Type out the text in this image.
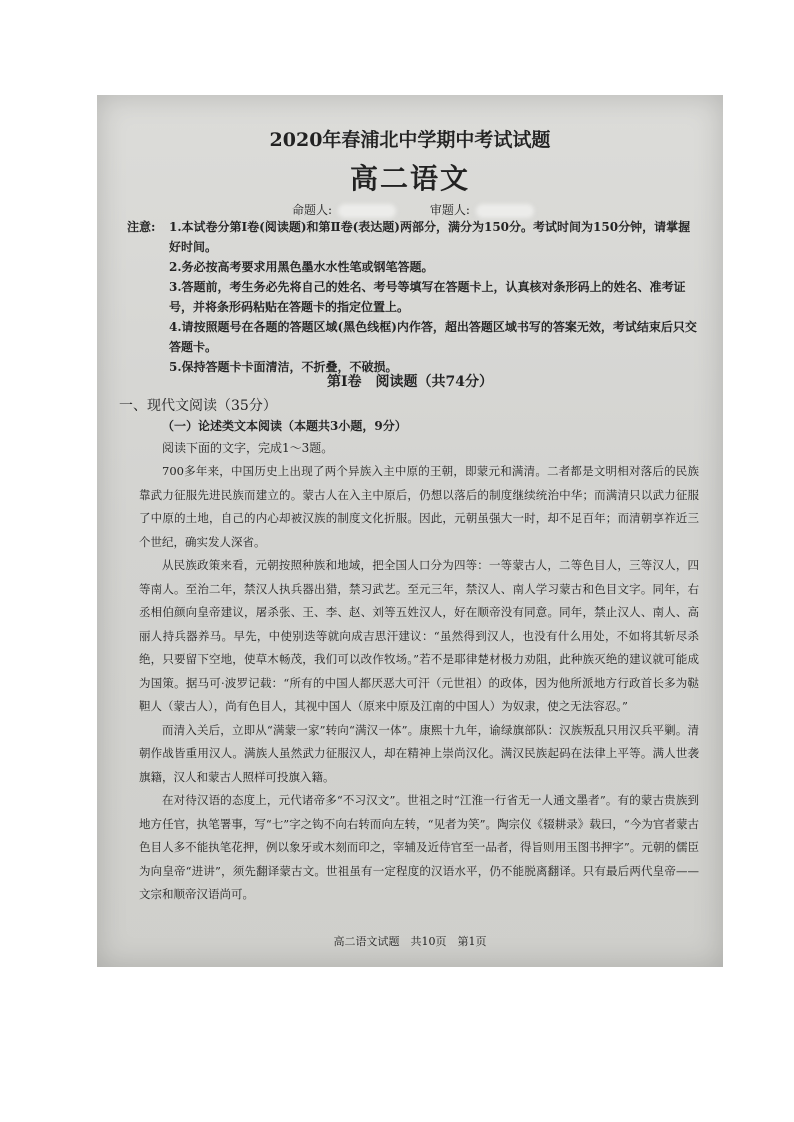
2020年春浦北中学期中考试试题
高二语文
命题人:	审题人:
注意:	1.本试卷分第Ⅰ卷(阅读题)和第Ⅱ卷(表达题)两部分，满分为150分。考试时间为150分钟，请掌握好时间。

2.务必按高考要求用黑色墨水水性笔或钢笔答题。

3.答题前，考生务必先将自己的姓名、考号等填写在答题卡上，认真核对条形码上的姓名、准考证号，并将条形码粘贴在答题卡的指定位置上。

4.请按照题号在各题的答题区域(黑色线框)内作答，超出答题区域书写的答案无效，考试结束后只交答题卡。

5.保持答题卡卡面清洁，不折叠，不破损。

第Ⅰ卷　阅读题（共74分）
一、现代文阅读（35分）
（一）论述类文本阅读（本题共3小题，9分）
阅读下面的文字，完成1～3题。

700多年来，中国历史上出现了两个异族入主中原的王朝，即蒙元和满清。二者都是文明相对落后的民族靠武力征服先进民族而建立的。蒙古人在入主中原后，仍想以落后的制度继续统治中华；而满清只以武力征服了中原的土地，自己的内心却被汉族的制度文化折服。因此，元朝虽强大一时，却不足百年；而清朝享祚近三个世纪，确实发人深省。

从民族政策来看，元朝按照种族和地域，把全国人口分为四等：一等蒙古人，二等色目人，三等汉人，四等南人。至治二年，禁汉人执兵器出猎，禁习武艺。至元三年，禁汉人、南人学习蒙古和色目文字。同年，右丞相伯颜向皇帝建议，屠杀张、王、李、赵、刘等五姓汉人，好在顺帝没有同意。同年，禁止汉人、南人、高丽人持兵器养马。早先，中使别迭等就向成吉思汗建议：“虽然得到汉人，也没有什么用处，不如将其斩尽杀绝，只要留下空地，使草木畅茂，我们可以改作牧场。”若不是耶律楚材极力劝阻，此种族灭绝的建议就可能成为国策。据马可·波罗记载：“所有的中国人都厌恶大可汗（元世祖）的政体，因为他所派地方行政首长多为鞑靼人（蒙古人），尚有色目人，其视中国人（原来中原及江南的中国人）为奴隶，使之无法容忍。”

而清入关后，立即从“满蒙一家”转向“满汉一体”。康熙十九年，谕绿旗部队：汉族叛乱只用汉兵平剿。清朝作战皆重用汉人。满族人虽然武力征服汉人，却在精神上崇尚汉化。满汉民族起码在法律上平等。满人世袭旗籍，汉人和蒙古人照样可投旗入籍。

在对待汉语的态度上，元代诸帝多“不习汉文”。世祖之时“江淮一行省无一人通文墨者”。有的蒙古贵族到地方任官，执笔署事，写“七”字之钩不向右转而向左转，“见者为笑”。陶宗仪《辍耕录》载曰，“今为官者蒙古色目人多不能执笔花押，例以象牙或木刻而印之，宰辅及近侍官至一品者，得旨则用玉图书押字”。元朝的儒臣为向皇帝“进讲”，须先翻译蒙古文。世祖虽有一定程度的汉语水平，仍不能脱离翻译。只有最后两代皇帝——文宗和顺帝汉语尚可。

高二语文试题　共10页　第1页
